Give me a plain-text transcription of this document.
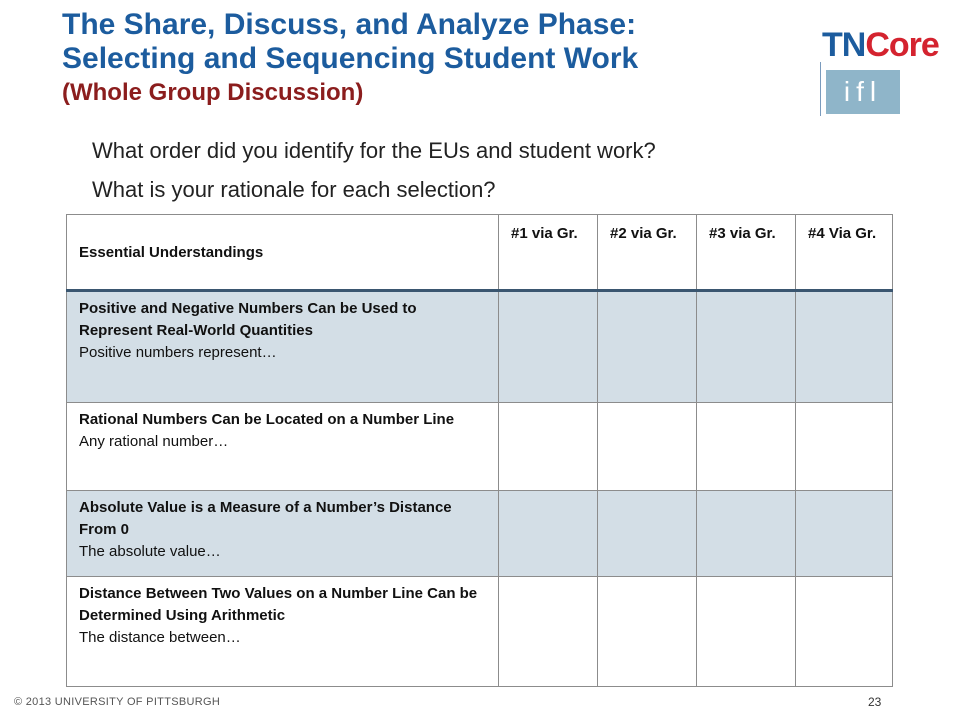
The Share, Discuss, and Analyze Phase:
Selecting and Sequencing Student Work
(Whole Group Discussion)
TNCore
ifl
What order did you identify for the EUs and student work?
What is your rationale for each selection?
Essential Understandings	#1 via Gr.	#2 via Gr.	#3 via Gr.	#4 Via Gr.

Positive and Negative Numbers Can be Used to Represent Real-World Quantities
Positive numbers represent…				

Rational Numbers Can be Located on a Number Line
Any rational number…				

Absolute Value is a Measure of a Number’s Distance From 0
The absolute value…				

Distance Between Two Values on a Number Line Can be Determined Using Arithmetic
The distance between…				

© 2013 UNIVERSITY OF PITTSBURGH	23
